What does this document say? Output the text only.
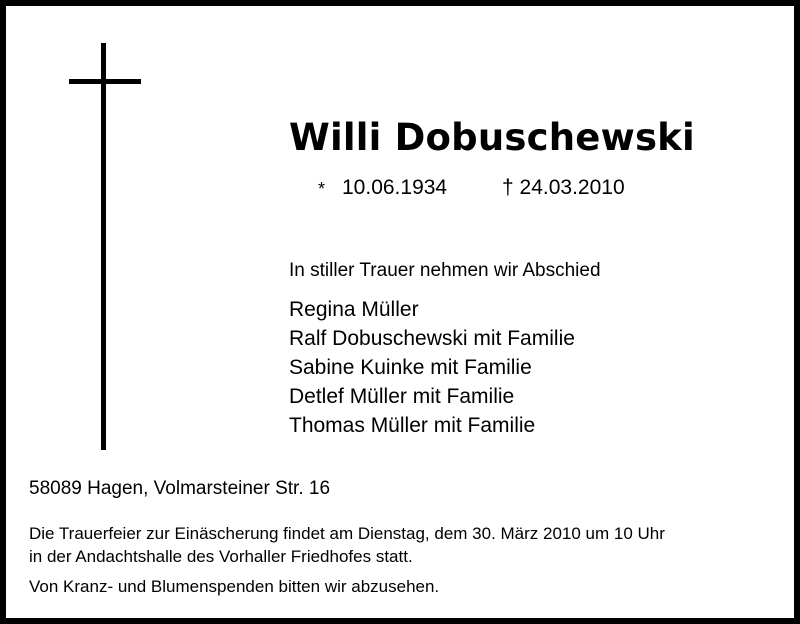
Willi Dobuschewski
* 10.06.1934	† 24.03.2010
In stiller Trauer nehmen wir Abschied
Regina Müller
Ralf Dobuschewski mit Familie
Sabine Kuinke mit Familie
Detlef Müller mit Familie
Thomas Müller mit Familie
58089 Hagen, Volmarsteiner Str. 16
Die Trauerfeier zur Einäscherung findet am Dienstag, dem 30. März 2010 um 10 Uhr
in der Andachtshalle des Vorhaller Friedhofes statt.
Von Kranz- und Blumenspenden bitten wir abzusehen.
